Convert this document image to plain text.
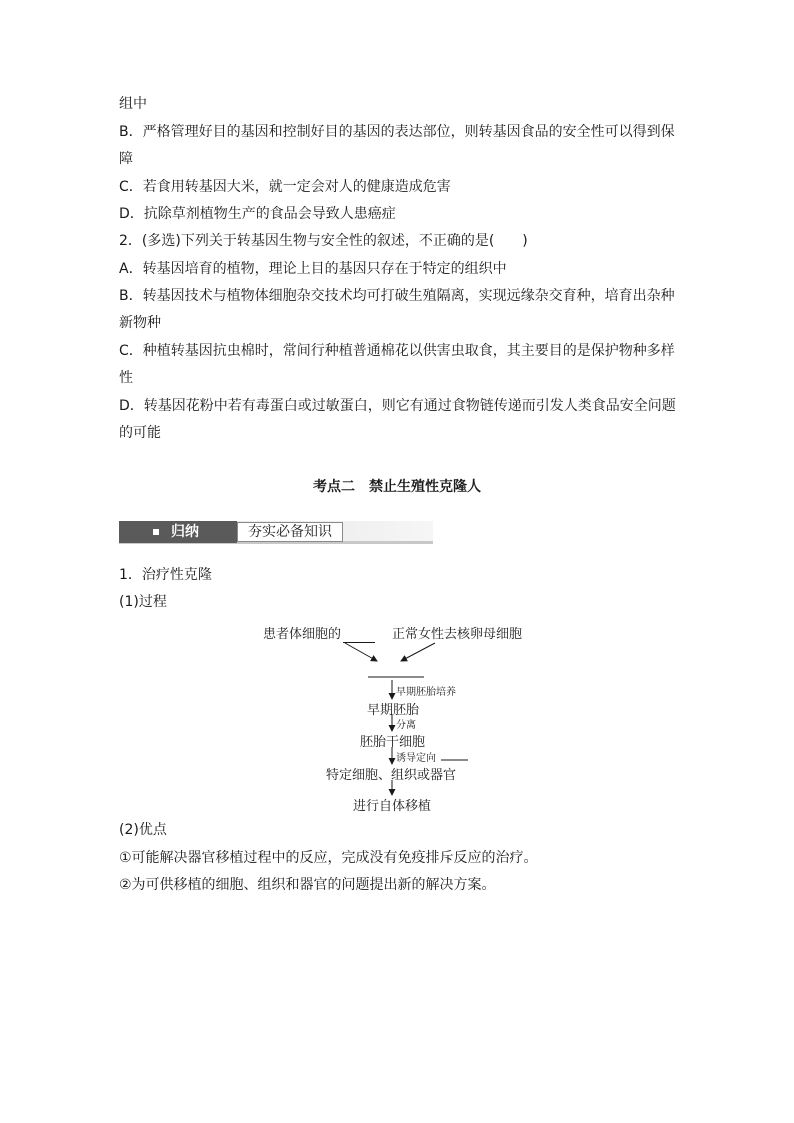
组中
B．严格管理好目的基因和控制好目的基因的表达部位，则转基因食品的安全性可以得到保
障
C．若食用转基因大米，就一定会对人的健康造成危害
D．抗除草剂植物生产的食品会导致人患癌症
2．(多选)下列关于转基因生物与安全性的叙述，不正确的是(　　)
A．转基因培育的植物，理论上目的基因只存在于特定的组织中
B．转基因技术与植物体细胞杂交技术均可打破生殖隔离，实现远缘杂交育种，培育出杂种
新物种
C．种植转基因抗虫棉时，常间行种植普通棉花以供害虫取食，其主要目的是保护物种多样
性
D．转基因花粉中若有毒蛋白或过敏蛋白，则它有通过食物链传递而引发人类食品安全问题
的可能
考点二　禁止生殖性克隆人
归纳	夯实必备知识
1．治疗性克隆
(1)过程
患者体细胞的	正常女性去核卵母细胞
早期胚胎培养
早期胚胎
分离
胚胎干细胞
诱导定向
特定细胞、组织或器官
进行自体移植
(2)优点
①可能解决器官移植过程中的反应，完成没有免疫排斥反应的治疗。
②为可供移植的细胞、组织和器官的问题提出新的解决方案。
